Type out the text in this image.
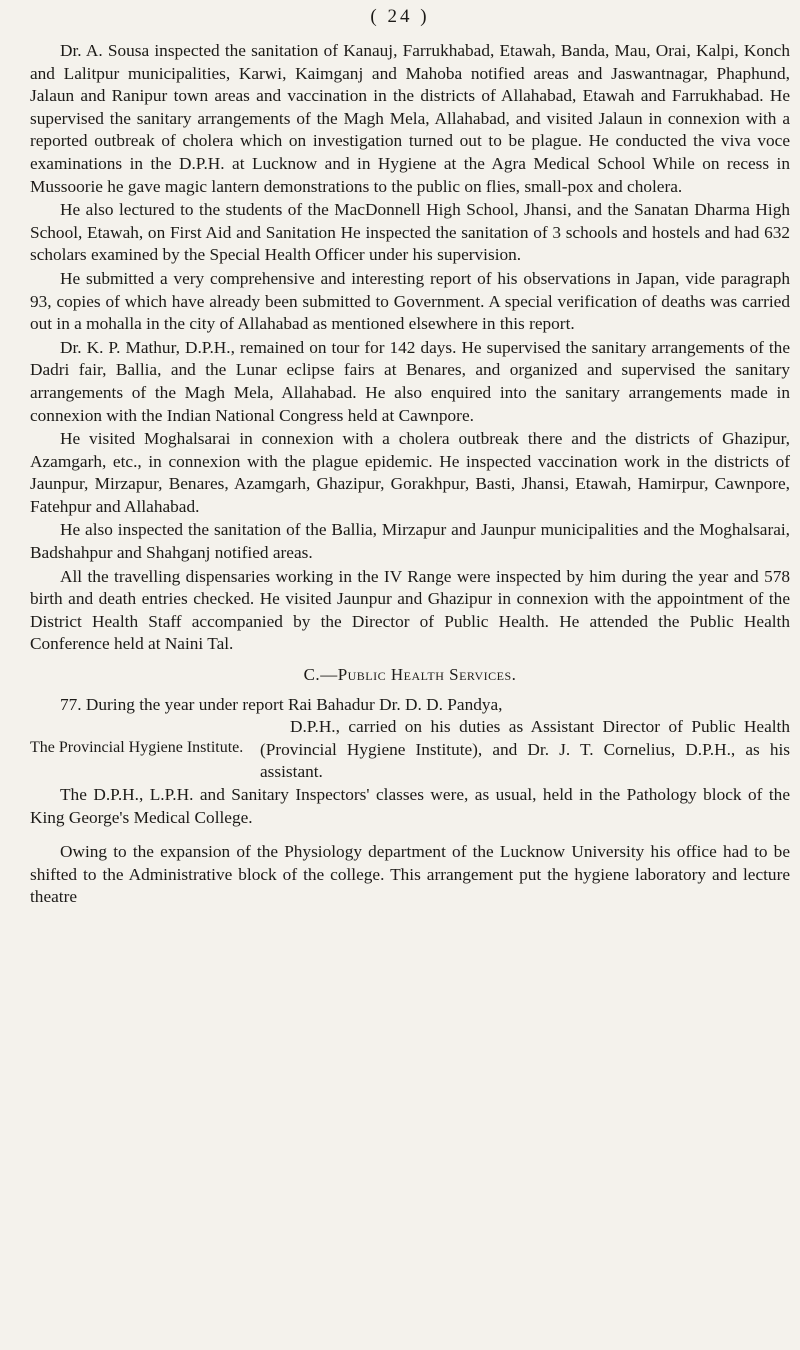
( 24 )

Dr. A. Sousa inspected the sanitation of Kanauj, Farrukhabad, Etawah, Banda, Mau, Orai, Kalpi, Konch and Lalitpur municipalities, Karwi, Kaimganj and Mahoba notified areas and Jaswantnagar, Phaphund, Jalaun and Ranipur town areas and vaccination in the districts of Allahabad, Etawah and Farrukhabad. He supervised the sanitary arrangements of the Magh Mela, Allahabad, and visited Jalaun in connexion with a reported outbreak of cholera which on investigation turned out to be plague. He conducted the viva voce examinations in the D.P.H. at Lucknow and in Hygiene at the Agra Medical School While on recess in Mussoorie he gave magic lantern demonstrations to the public on flies, small-pox and cholera.

He also lectured to the students of the MacDonnell High School, Jhansi, and the Sanatan Dharma High School, Etawah, on First Aid and Sanitation He inspected the sanitation of 3 schools and hostels and had 632 scholars examined by the Special Health Officer under his supervision.

He submitted a very comprehensive and interesting report of his observations in Japan, vide paragraph 93, copies of which have already been submitted to Government. A special verification of deaths was carried out in a mohalla in the city of Allahabad as mentioned elsewhere in this report.

Dr. K. P. Mathur, D.P.H., remained on tour for 142 days. He supervised the sanitary arrangements of the Dadri fair, Ballia, and the Lunar eclipse fairs at Benares, and organized and supervised the sanitary arrangements of the Magh Mela, Allahabad. He also enquired into the sanitary arrangements made in connexion with the Indian National Congress held at Cawnpore.

He visited Moghalsarai in connexion with a cholera outbreak there and the districts of Ghazipur, Azamgarh, etc., in connexion with the plague epidemic. He inspected vaccination work in the districts of Jaunpur, Mirzapur, Benares, Azamgarh, Ghazipur, Gorakhpur, Basti, Jhansi, Etawah, Hamirpur, Cawnpore, Fatehpur and Allahabad.

He also inspected the sanitation of the Ballia, Mirzapur and Jaunpur municipalities and the Moghalsarai, Badshahpur and Shahganj notified areas.

All the travelling dispensaries working in the IV Range were inspected by him during the year and 578 birth and death entries checked. He visited Jaunpur and Ghazipur in connexion with the appointment of the District Health Staff accompanied by the Director of Public Health. He attended the Public Health Conference held at Naini Tal.

C.—Public Health Services.

77. During the year under report Rai Bahadur Dr. D. D. Pandya,

D.P.H., carried on his duties as Assistant Director of Public Health (Provincial Hygiene Institute), and Dr. J. T. Cornelius, D.P.H., as his assistant.

The Provincial Hygiene Institute.

The D.P.H., L.P.H. and Sanitary Inspectors' classes were, as usual, held in the Pathology block of the King George's Medical College.

Owing to the expansion of the Physiology department of the Lucknow University his office had to be shifted to the Administrative block of the college. This arrangement put the hygiene laboratory and lecture theatre
